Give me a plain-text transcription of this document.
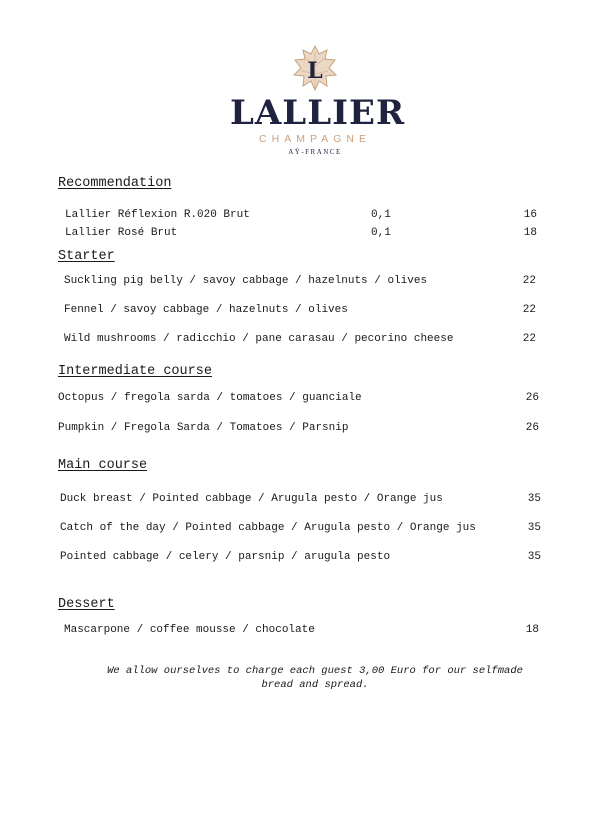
L
LALLIER
CHAMPAGNE
AŸ-FRANCE
Recommendation
Lallier Réflexion R.020 Brut	0,1	16
Lallier Rosé Brut	0,1	18
Starter
Suckling pig belly / savoy cabbage / hazelnuts / olives	22
Fennel / savoy cabbage / hazelnuts / olives	22
Wild mushrooms / radicchio / pane carasau / pecorino cheese	22
Intermediate course
Octopus / fregola sarda / tomatoes / guanciale	26
Pumpkin / Fregola Sarda / Tomatoes / Parsnip	26
Main course
Duck breast / Pointed cabbage / Arugula pesto / Orange jus	35
Catch of the day / Pointed cabbage / Arugula pesto / Orange jus	35
Pointed cabbage / celery / parsnip / arugula pesto	35
Dessert
Mascarpone / coffee mousse / chocolate	18
We allow ourselves to charge each guest 3,00 Euro for our selfmade bread and spread.
